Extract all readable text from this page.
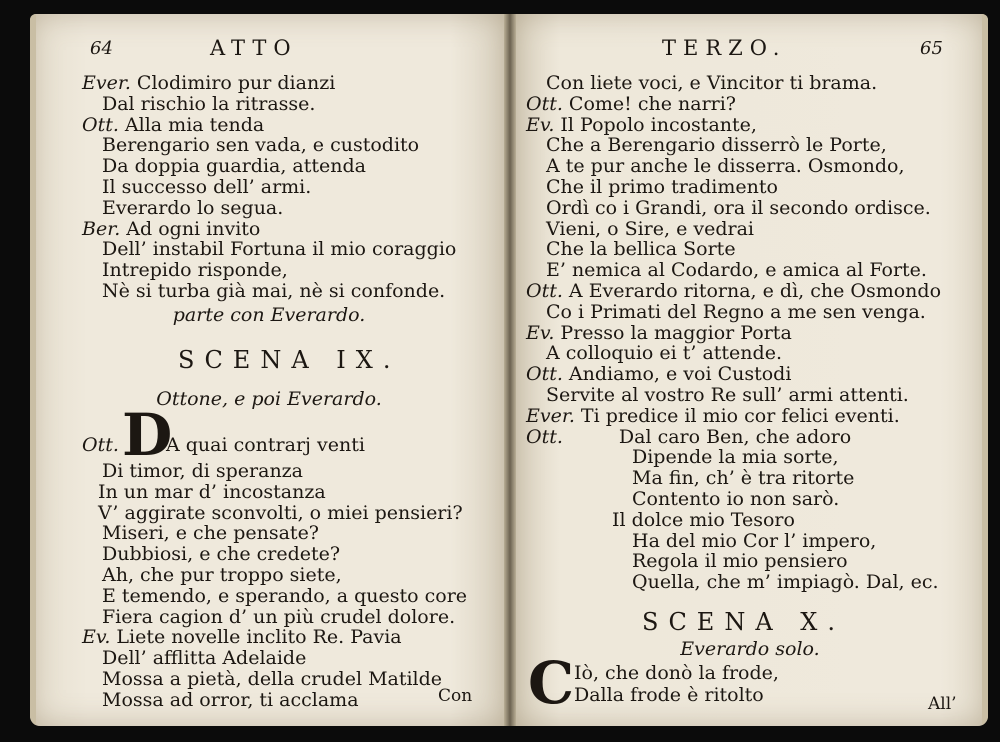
64	ATTO
Ever. Clodimiro pur dianzi
Dal rischio la ritrasse.
Ott. Alla mia tenda
Berengario sen vada, e custodito
Da doppia guardia, attenda
Il successo dell’ armi.
Everardo lo segua.
Ber. Ad ogni invito
Dell’ instabil Fortuna il mio coraggio
Intrepido risponde,
Nè si turba già mai, nè si confonde.
parte con Everardo.
SCENA IX.
Ottone, e poi Everardo.
Ott. D
A quai contrarj venti
Di timor, di speranza
In un mar d’ incostanza
V’ aggirate sconvolti, o miei pensieri?
Miseri, e che pensate?
Dubbiosi, e che credete?
Ah, che pur troppo siete,
E temendo, e sperando, a questo core
Fiera cagion d’ un più crudel dolore.
Ev. Liete novelle inclito Re. Pavia
Dell’ afflitta Adelaide
Mossa a pietà, della crudel Matilde
Mossa ad orror, ti acclama	Con
TERZO.	65
Con liete voci, e Vincitor ti brama.
Ott. Come! che narri?
Ev. Il Popolo incostante,
Che a Berengario disserrò le Porte,
A te pur anche le disserra. Osmondo,
Che il primo tradimento
Ordì co i Grandi, ora il secondo ordisce.
Vieni, o Sire, e vedrai
Che la bellica Sorte
E’ nemica al Codardo, e amica al Forte.
Ott. A Everardo ritorna, e dì, che Osmondo
Co i Primati del Regno a me sen venga.
Ev. Presso la maggior Porta
A colloquio ei t’ attende.
Ott. Andiamo, e voi Custodi
Servite al vostro Re sull’ armi attenti.
Ever. Ti predice il mio cor felici eventi.
Ott.	Dal caro Ben, che adoro
Dipende la mia sorte,
Ma fin, ch’ è tra ritorte
Contento io non sarò.
Il dolce mio Tesoro
Ha del mio Cor l’ impero,
Regola il mio pensiero
Quella, che m’ impiagò. Dal, ec.
SCENA X.
Everardo solo.
C Iò, che donò la frode,
Dalla frode è ritolto	All’
